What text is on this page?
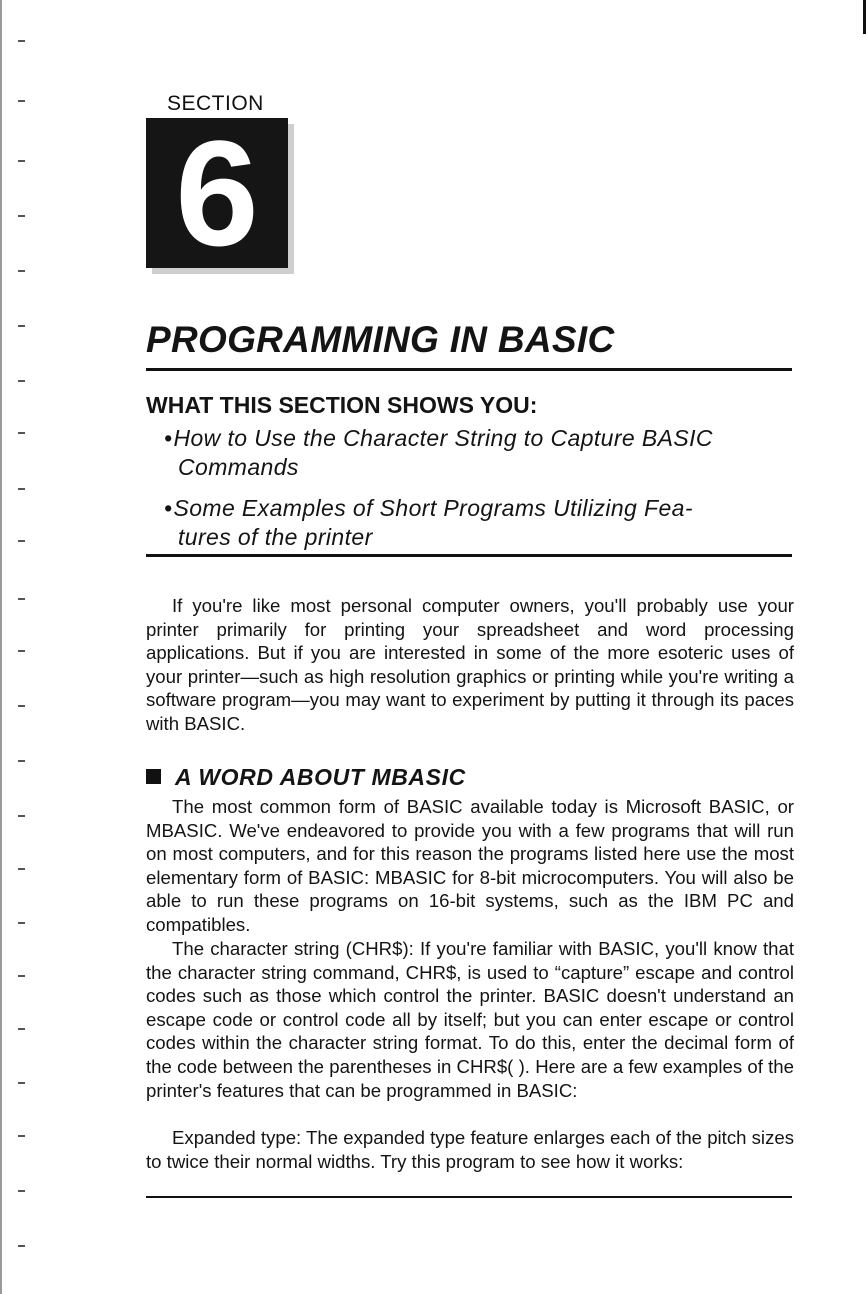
SECTION
6
PROGRAMMING IN BASIC
WHAT THIS SECTION SHOWS YOU:
•How to Use the Character String to Capture BASIC
Commands
•Some Examples of Short Programs Utilizing Fea-
tures of the printer

If you're like most personal computer owners, you'll probably use your printer primarily for printing your spreadsheet and word processing applications. But if you are interested in some of the more esoteric uses of your printer—such as high resolution graphics or printing while you're writing a software program—you may want to experiment by putting it through its paces with BASIC.

A WORD ABOUT MBASIC

The most common form of BASIC available today is Microsoft BASIC, or MBASIC. We've endeavored to provide you with a few programs that will run on most computers, and for this reason the programs listed here use the most elementary form of BASIC: MBASIC for 8-bit microcomputers. You will also be able to run these programs on 16-bit systems, such as the IBM PC and compatibles.

The character string (CHR$): If you're familiar with BASIC, you'll know that the character string command, CHR$, is used to “capture” escape and control codes such as those which control the printer. BASIC doesn't understand an escape code or control code all by itself; but you can enter escape or control codes within the character string format. To do this, enter the decimal form of the code between the parentheses in CHR$( ). Here are a few examples of the printer's features that can be programmed in BASIC:

Expanded type: The expanded type feature enlarges each of the pitch sizes to twice their normal widths. Try this program to see how it works:
